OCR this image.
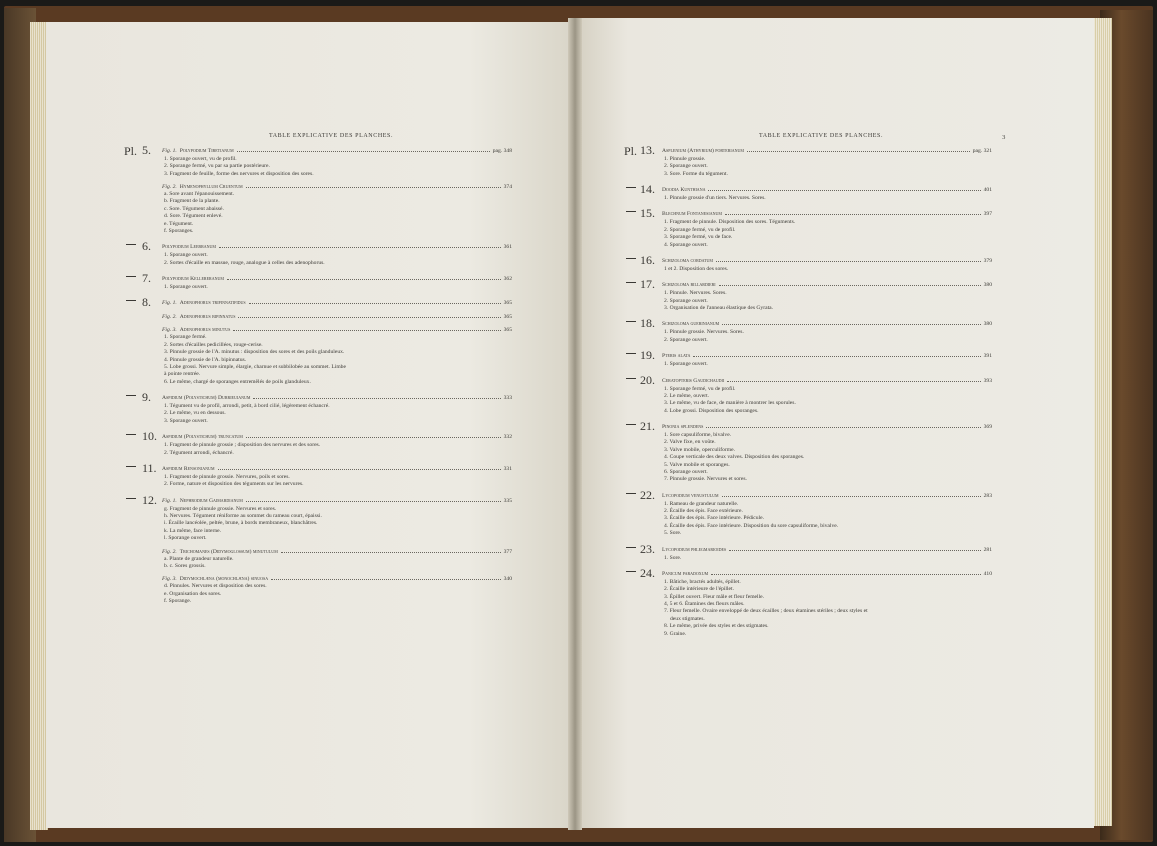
TABLE EXPLICATIVE DES PLANCHES.
Pl. 5. Fig. 1. Polypodium Tibetianum	pag. 348
1. Sporange ouvert, vu de profil.
2. Sporange fermé, vu par sa partie postérieure.
3. Fragment de feuille, forme des nervures et disposition des sores.
Fig. 2. Hymenophyllum Cruentum	374
a. Sore avant l'épanouissement.
b. Fragment de la plante.
c. Sore. Tégument abaissé.
d. Sore. Tégument enlevé.
e. Tégument.
f. Sporanges.
6. Polypodium Leebranum	361
1. Sporange ouvert.
2. Sortes d'écaille en massue, rouge, analogue à celles des adenophorus.
7. Polypodium Kellereranum	362
1. Sporange ouvert.
8. Fig. 1. Adenophorus tripinnatifidus	365
Fig. 2. Adenophorus bipinnatus	365
Fig. 3. Adenophorus minutus	365
1. Sporange fermé.
2. Sortes d'écailles pedicillées, rouge-cerise.
3. Pinnule grossie de l'A. minutus : disposition des sores et des poils glanduleux.
4. Pinnule grossie de l'A. bipinnatus.
5. Lobe grossi. Nervure simple, élargie, charnue et subbilobée au sommet. Limbe
à pointe rentrée.
6. Le même, chargé de sporanges entremêlés de poils glanduleux.
9. Aspidium (Polystichum) Durrieuianum	333
1. Tégument vu de profil, arrondi, petit, à bord cilié, légèrement échancré.
2. Le même, vu en dessous.
3. Sporange ouvert.
10. Aspidium (Polystichum) truncatum	332
1. Fragment de pinnule grossie ; disposition des nervures et des sores.
2. Tégument arrondi, échancré.
11. Aspidium Rensonianum	331
1. Fragment de pinnule grossie. Nervures, poils et sores.
2. Forme, nature et disposition des téguments sur les nervures.
12. Fig. 1. Nephrodium Gaimardianum	335
g. Fragment de pinnule grossie. Nervures et sores.
h. Nervures. Tégument réniforme au sommet du rameau court, épaissi.
i. Écaille lancéolée, peltée, brune, à bords membraneux, blanchâtres.
k. La même, face interne.
l. Sporange ouvert.
Fig. 2. Trichomanes (Didymoglossum) minutulum	377
a. Plante de grandeur naturelle.
b. c. Sores grossis.
Fig. 3. Didymochlæna (monochlæna) sinuosa	340
d. Pinnules. Nervures et disposition des sores.
e. Organisation des sores.
f. Sporange.
TABLE EXPLICATIVE DES PLANCHES.	3
Pl. 13. Asplenium (Athyrium) porterianum	pag. 321
1. Pinnule grossie.
2. Sporange ouvert.
3. Sore. Forme du tégument.
14. Doodia Kunthiana	401
1. Pinnule grossie d'un tiers. Nervures. Sores.
15. Blechnum Fontanesianum	397
1. Fragment de pinnule. Disposition des sores. Téguments.
2. Sporange fermé, vu de profil.
3. Sporange fermé, vu de face.
4. Sporange ouvert.
16. Schizoloma cordatum	379
1 et 2. Disposition des sores.
17. Schizoloma billardieri	380
1. Pinnule. Nervures. Sores.
2. Sporange ouvert.
3. Organisation de l'anneau élastique des Gyrata.
18. Schizoloma guerinianum	380
1. Pinnule grossie. Nervures. Sores.
2. Sporange ouvert.
19. Pteris alata	391
1. Sporange ouvert.
20. Ceratopteris Gaudichaudii	393
1. Sporange fermé, vu de profil.
2. Le même, ouvert.
3. Le même, vu de face, de manière à montrer les sporules.
4. Lobe grossi. Disposition des sporanges.
21. Pinonia splendens	369
1. Sore capsuliforme, bivalve.
2. Valve fixe, en voûte.
3. Valve mobile, operculiforme.
4. Coupe verticale des deux valves. Disposition des sporanges.
5. Valve mobile et sporanges.
6. Sporange ouvert.
7. Pinnule grossie. Nervures et sores.
22. Lycopodium venustulum	283
1. Rameau de grandeur naturelle.
2. Écaille des épis. Face extérieure.
3. Écaille des épis. Face intérieure. Pédicule.
4. Écaille des épis. Face intérieure. Disposition du sore capsuliforme, bivalve.
5. Sore.
23. Lycopodium phlegmarioides	281
1. Sore.
24. Panicum paradoxum	410
1. Bâtiche, bractés adultés, épillet.
2. Écaille intérieure de l'épillet.
3. Épillet ouvert. Fleur mâle et fleur femelle.
4, 5 et 6. Étamines des fleurs mâles.
7. Fleur femelle. Ovaire enveloppé de deux écailles ; deux étamines stériles ; deux styles et
deux stigmates.
8. Le même, privée des styles et des stigmates.
9. Graine.
